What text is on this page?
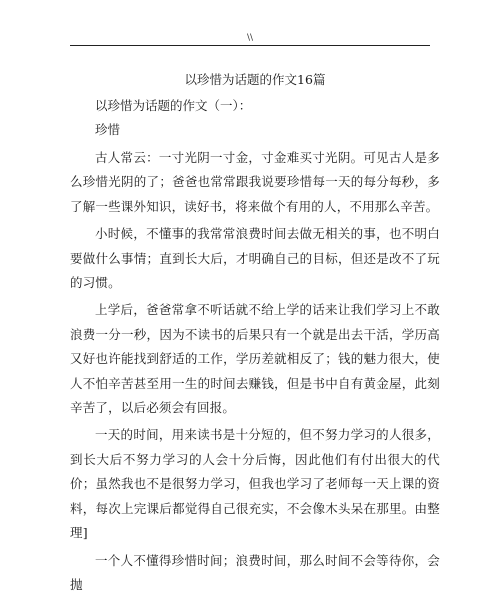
\\
以珍惜为话题的作文16篇
以珍惜为话题的作文（一）：
珍惜

古人常云：一寸光阴一寸金，寸金难买寸光阴。可见古人是多么珍惜光阴的了；爸爸也常常跟我说要珍惜每一天的每分每秒，多了解一些课外知识，读好书，将来做个有用的人，不用那么辛苦。

小时候，不懂事的我常常浪费时间去做无相关的事，也不明白要做什么事情；直到长大后，才明确自己的目标，但还是改不了玩的习惯。

上学后，爸爸常拿不听话就不给上学的话来让我们学习上不敢浪费一分一秒，因为不读书的后果只有一个就是出去干活，学历高又好也许能找到舒适的工作，学历差就相反了；钱的魅力很大，使人不怕辛苦甚至用一生的时间去赚钱，但是书中自有黄金屋，此刻辛苦了，以后必须会有回报。

一天的时间，用来读书是十分短的，但不努力学习的人很多，到长大后不努力学习的人会十分后悔，因此他们有付出很大的代价；虽然我也不是很努力学习，但我也学习了老师每一天上课的资料，每次上完课后都觉得自己很充实，不会像木头呆在那里。由整理]

一个人不懂得珍惜时间；浪费时间，那么时间不会等待你，会抛
